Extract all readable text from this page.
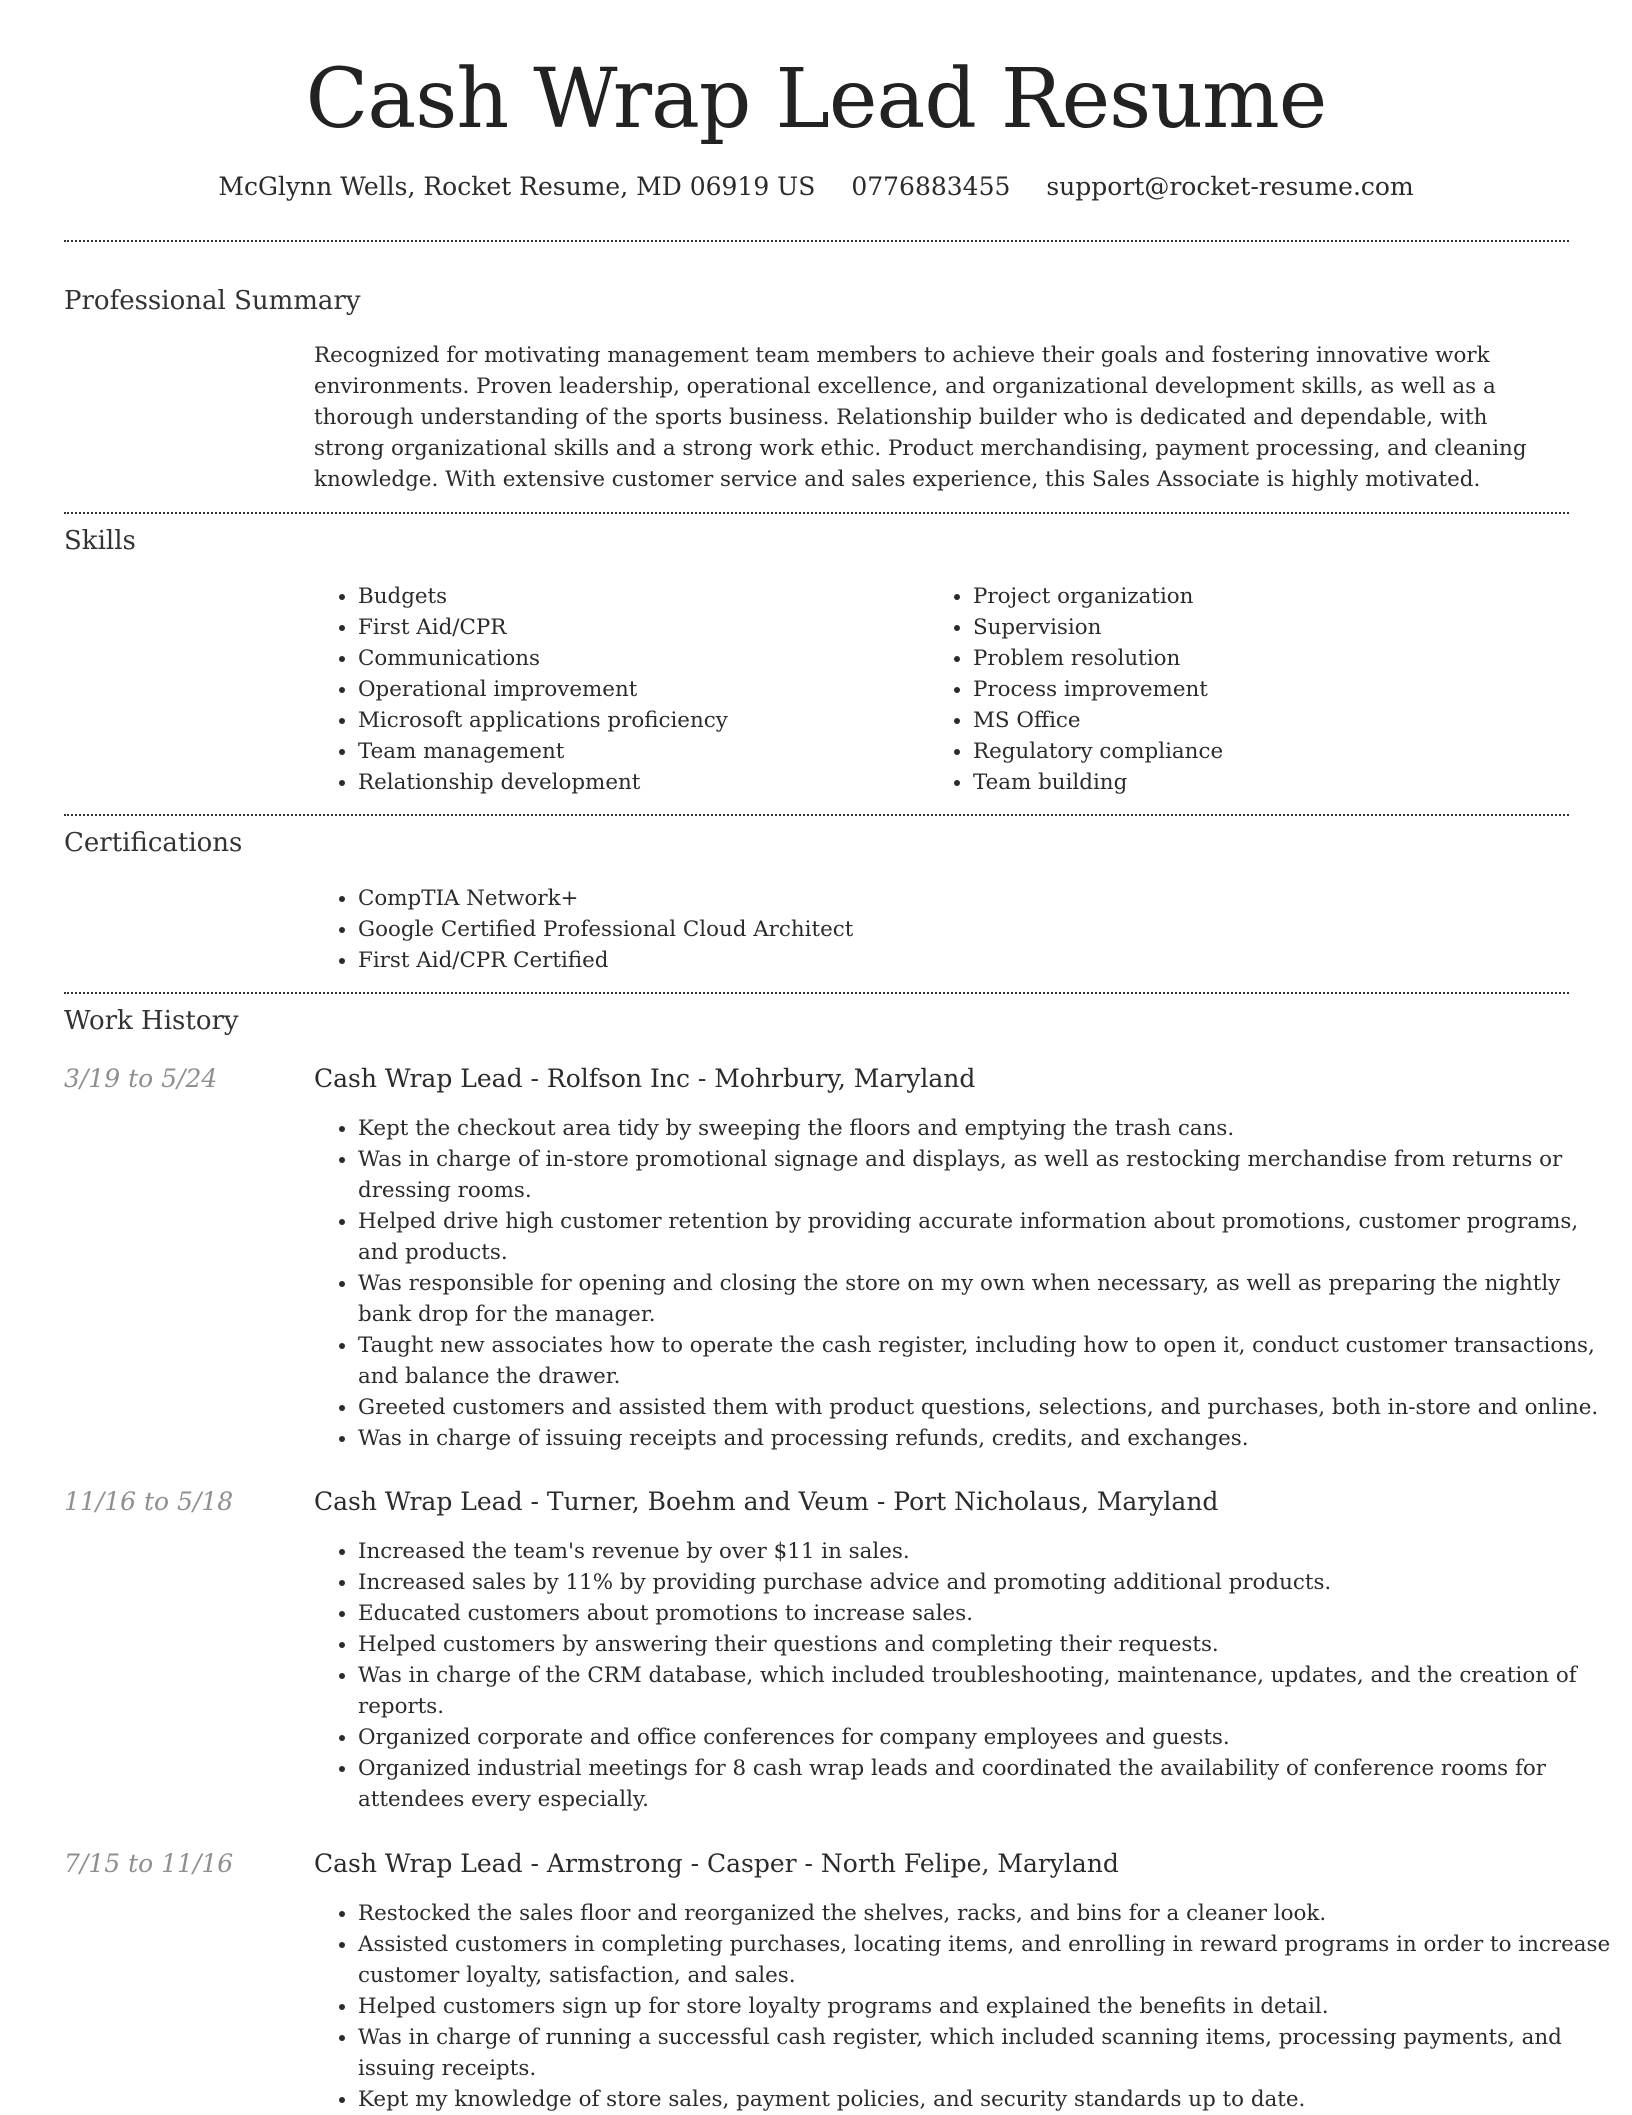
Cash Wrap Lead Resume
McGlynn Wells, Rocket Resume, MD 06919 US 0776883455 support@rocket-resume.com
Professional Summary

Recognized for motivating management team members to achieve their goals and fostering innovative work environments. Proven leadership, operational excellence, and organizational development skills, as well as a thorough understanding of the sports business. Relationship builder who is dedicated and dependable, with strong organizational skills and a strong work ethic. Product merchandising, payment processing, and cleaning knowledge. With extensive customer service and sales experience, this Sales Associate is highly motivated.

Skills
• Budgets
• First Aid/CPR
• Communications
• Operational improvement
• Microsoft applications proficiency
• Team management
• Relationship development
• Project organization
• Supervision
• Problem resolution
• Process improvement
• MS Office
• Regulatory compliance
• Team building
Certifications
• CompTIA Network+
• Google Certified Professional Cloud Architect
• First Aid/CPR Certified
Work History
3/19 to 5/24	Cash Wrap Lead - Rolfson Inc - Mohrbury, Maryland
• Kept the checkout area tidy by sweeping the floors and emptying the trash cans.
• Was in charge of in-store promotional signage and displays, as well as restocking merchandise from returns or dressing rooms.
• Helped drive high customer retention by providing accurate information about promotions, customer programs, and products.
• Was responsible for opening and closing the store on my own when necessary, as well as preparing the nightly bank drop for the manager.
• Taught new associates how to operate the cash register, including how to open it, conduct customer transactions, and balance the drawer.
• Greeted customers and assisted them with product questions, selections, and purchases, both in-store and online.
• Was in charge of issuing receipts and processing refunds, credits, and exchanges.
11/16 to 5/18	Cash Wrap Lead - Turner, Boehm and Veum - Port Nicholaus, Maryland
• Increased the team's revenue by over $11 in sales.
• Increased sales by 11% by providing purchase advice and promoting additional products.
• Educated customers about promotions to increase sales.
• Helped customers by answering their questions and completing their requests.
• Was in charge of the CRM database, which included troubleshooting, maintenance, updates, and the creation of reports.
• Organized corporate and office conferences for company employees and guests.
• Organized industrial meetings for 8 cash wrap leads and coordinated the availability of conference rooms for attendees every especially.
7/15 to 11/16	Cash Wrap Lead - Armstrong - Casper - North Felipe, Maryland
• Restocked the sales floor and reorganized the shelves, racks, and bins for a cleaner look.
• Assisted customers in completing purchases, locating items, and enrolling in reward programs in order to increase customer loyalty, satisfaction, and sales.
• Helped customers sign up for store loyalty programs and explained the benefits in detail.
• Was in charge of running a successful cash register, which included scanning items, processing payments, and issuing receipts.
• Kept my knowledge of store sales, payment policies, and security standards up to date.
